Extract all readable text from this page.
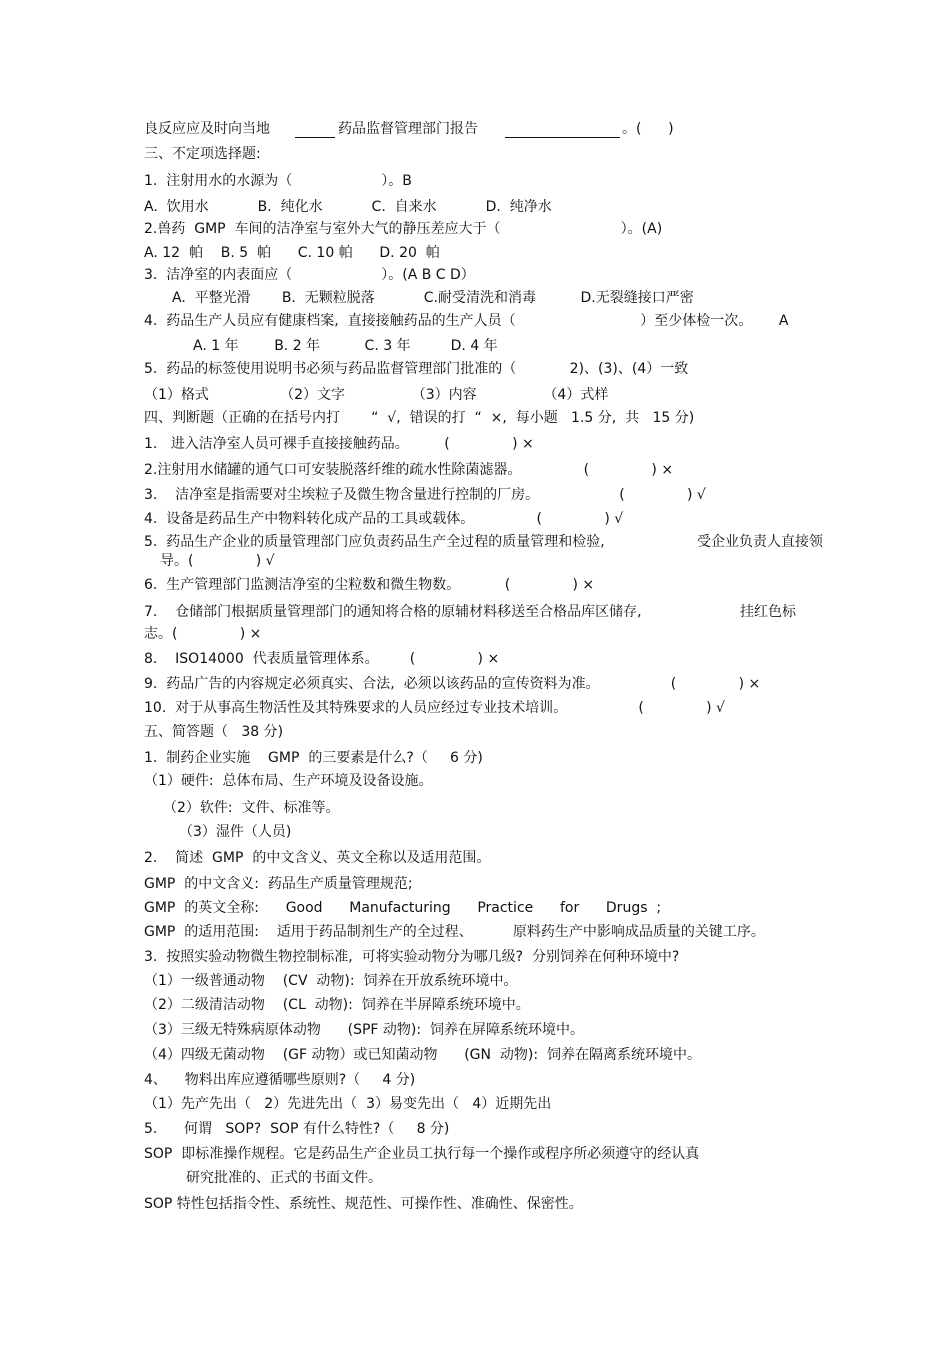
良反应应及时向当地	药品监督管理部门报告	。(      )
三、不定项选择题:
1.  注射用水的水源为（                    ）。B
A.  饮用水           B.  纯化水           C.  自来水           D.  纯净水
2.兽药  GMP  车间的洁净室与室外大气的静压差应大于（                           ）。(A)
A. 12  帕    B. 5  帕      C. 10 帕      D. 20  帕
3.  洁净室的内表面应（                    ）。(A B C D）
A.  平整光滑       B.  无颗粒脱落           C.耐受清洗和消毒          D.无裂缝接口严密
4.  药品生产人员应有健康档案,  直接接触药品的生产人员（                            ）至少体检一次。      A
A. 1 年        B. 2 年          C. 3 年         D. 4 年
5.  药品的标签使用说明书必须与药品监督管理部门批准的（            2)、(3)、(4）一致
（1）格式                （2）文字               （3）内容               （4）式样
四、判断题（正确的在括号内打       “  √,  错误的打  “  ×,  每小题   1.5 分,  共   15 分)
1.   进入洁净室人员可裸手直接接触药品。        (              ) ×
2.注射用水储罐的通气口可安装脱落纤维的疏水性除菌滤器。              (              ) ×
3.    洁净室是指需要对尘埃粒子及微生物含量进行控制的厂房。                  (              ) √
4.  设备是药品生产中物料转化成产品的工具或载体。              (              ) √
5.  药品生产企业的质量管理部门应负责药品生产全过程的质量管理和检验,	受企业负责人直接领
导。(              ) √
6.  生产管理部门监测洁净室的尘粒数和微生物数。          (              ) ×
7.    仓储部门根据质量管理部门的通知将合格的原辅材料移送至合格品库区储存,	挂红色标
志。(              ) ×
8.    ISO14000  代表质量管理体系。       (              ) ×
9.  药品广告的内容规定必须真实、合法,  必须以该药品的宣传资料为准。                (              ) ×
10.  对于从事高生物活性及其特殊要求的人员应经过专业技术培训。                (              ) √
五、简答题（   38 分)
1.  制药企业实施    GMP  的三要素是什么?（     6 分)
（1）硬件:  总体布局、生产环境及设备设施。
（2）软件:  文件、标准等。
（3）湿件（人员)
2.    简述  GMP  的中文含义、英文全称以及适用范围。
GMP  的中文含义:  药品生产质量管理规范;
GMP  的英文全称:      Good      Manufacturing      Practice      for      Drugs  ;
GMP  的适用范围:    适用于药品制剂生产的全过程、         原料药生产中影响成品质量的关键工序。
3.  按照实验动物微生物控制标准,  可将实验动物分为哪几级?  分别饲养在何种环境中?
（1）一级普通动物    (CV  动物):  饲养在开放系统环境中。
（2）二级清洁动物    (CL  动物):  饲养在半屏障系统环境中。
（3）三级无特殊病原体动物      (SPF 动物):  饲养在屏障系统环境中。
（4）四级无菌动物    (GF 动物）或已知菌动物      (GN  动物):  饲养在隔离系统环境中。
4、    物料出库应遵循哪些原则?（     4 分)
（1）先产先出（   2）先进先出（  3）易变先出（   4）近期先出
5.      何谓   SOP?  SOP 有什么特性?（     8 分)
SOP  即标准操作规程。它是药品生产企业员工执行每一个操作或程序所必须遵守的经认真
研究批准的、正式的书面文件。
SOP 特性包括指令性、系统性、规范性、可操作性、准确性、保密性。
